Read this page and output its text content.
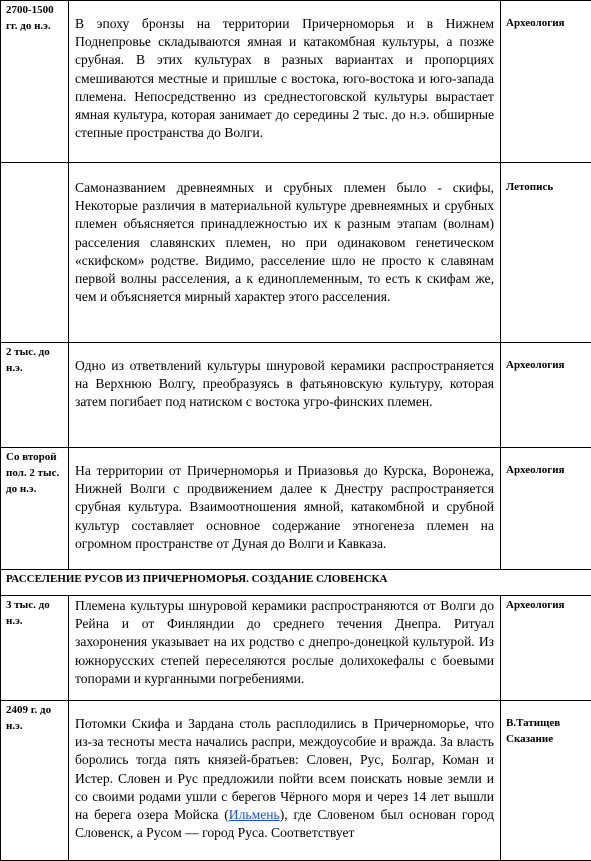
2700-1500 гг. до н.э.	В эпоху бронзы на территории Причерноморья и в Нижнем Поднепровье складываются ямная и катакомбная культуры, а позже срубная. В этих культурах в разных вариантах и пропорциях смешиваются местные и пришлые с востока, юго-востока и юго-запада племена. Непосредственно из среднестоговской культуры вырастает ямная культура, которая занимает до середины 2 тыс. до н.э. обширные степные пространства до Волги.	Археология

	Самоназванием древнеямных и срубных племен было - скифы, Некоторые различия в материальной культуре древнеямных и срубных племен объясняется принадлежностью их к разным этапам (волнам) расселения славянских племен, но при одинаковом генетическом «скифском» родстве. Видимо, расселение шло не просто к славянам первой волны расселения, а к единоплеменным, то есть к скифам же, чем и объясняется мирный характер этого расселения.	Летопись

2 тыс. до н.э.	Одно из ответвлений культуры шнуровой керамики распространяется на Верхнюю Волгу, преобразуясь в фатьяновскую культуру, которая затем погибает под натиском с востока угро-финских племен.	Археология

Со второй пол. 2 тыс. до н.э.	На территории от Причерноморья и Приазовья до Курска, Воронежа, Нижней Волги с продвижением далее к Днестру распространяется срубная культура. Взаимоотношения ямной, катакомбной и срубной культур составляет основное содержание этногенеза племен на огромном пространстве от Дуная до Волги и Кавказа.	Археология

РАССЕЛЕНИЕ РУСОВ ИЗ ПРИЧЕРНОМОРЬЯ. СОЗДАНИЕ СЛОВЕНСКА		

3 тыс. до н.э.	Племена культуры шнуровой керамики распространяются от Волги до Рейна и от Финляндии до среднего течения Днепра. Ритуал захоронения указывает на их родство с днепро-донецкой культурой. Из южнорусских степей переселяются рослые долихокефалы с боевыми топорами и курганными погребениями.	Археология

2409 г. до н.э.	Потомки Скифа и Зардана столь расплодились в Причерноморье, что из-за тесноты места начались распри, междоусобие и вражда. За власть боролись тогда пять князей-братьев: Словен, Рус, Болгар, Коман и Истер. Словен и Рус предложили пойти всем поискать новые земли и со своими родами ушли с берегов Чёрного моря и через 14 лет вышли на берега озера Мойска (Ильмень), где Словеном был основан город Словенск, а Русом — город Руса. Соответствует	В.Татищев
Сказание
